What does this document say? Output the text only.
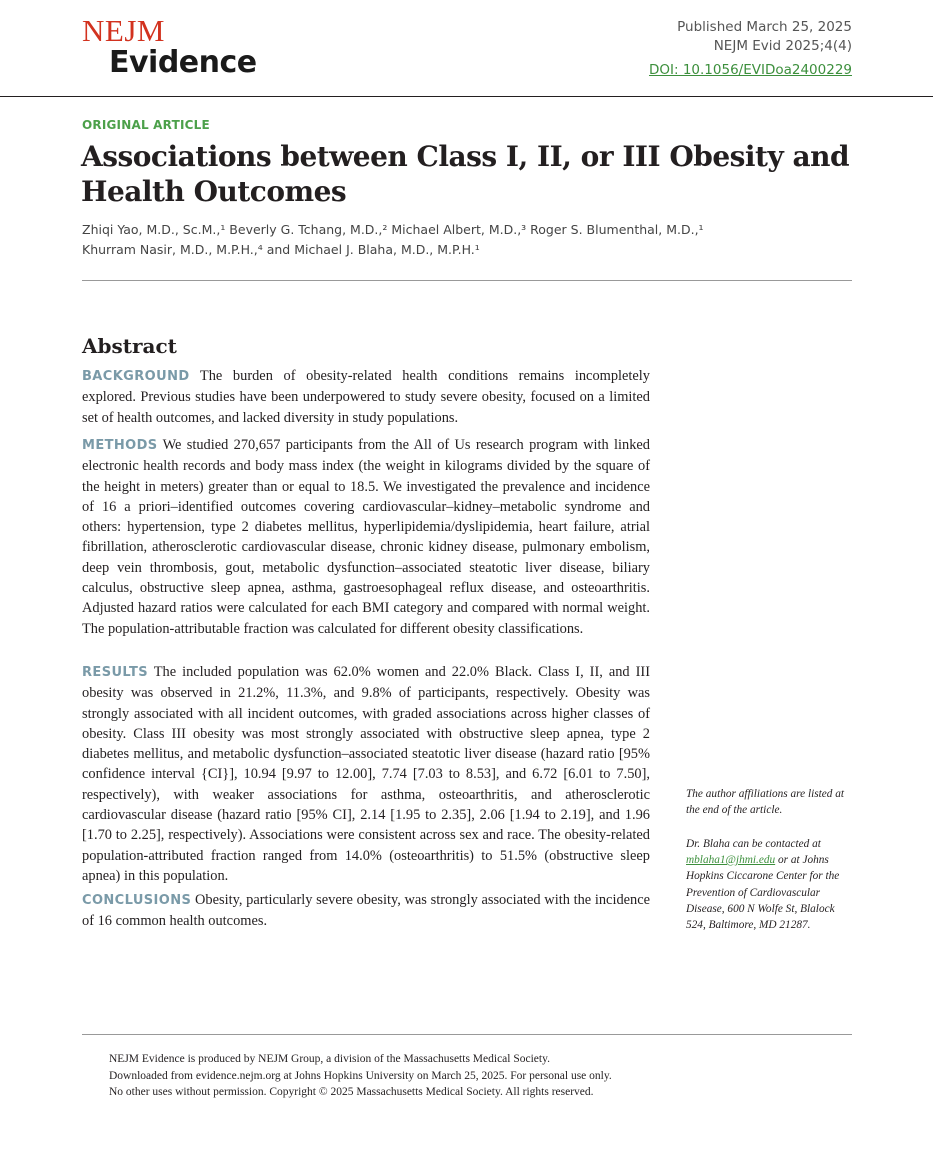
NEJM
Evidence
Published March 25, 2025
NEJM Evid 2025;4(4)
DOI: 10.1056/EVIDoa2400229
ORIGINAL ARTICLE
Associations between Class I, II, or III Obesity and Health Outcomes
Zhiqi Yao, M.D., Sc.M.,¹ Beverly G. Tchang, M.D.,² Michael Albert, M.D.,³ Roger S. Blumenthal, M.D.,¹
Khurram Nasir, M.D., M.P.H.,⁴ and Michael J. Blaha, M.D., M.P.H.¹
Abstract

BACKGROUND The burden of obesity-related health conditions remains incompletely explored. Previous studies have been underpowered to study severe obesity, focused on a limited set of health outcomes, and lacked diversity in study populations.

METHODS We studied 270,657 participants from the All of Us research program with linked electronic health records and body mass index (the weight in kilograms divided by the square of the height in meters) greater than or equal to 18.5. We investigated the prevalence and incidence of 16 a priori–identified outcomes covering cardiovascular–kidney–metabolic syndrome and others: hypertension, type 2 diabetes mellitus, hyperlipidemia/dyslipidemia, heart failure, atrial fibrillation, atherosclerotic cardiovascular disease, chronic kidney disease, pulmonary embolism, deep vein thrombosis, gout, metabolic dysfunction–associated steatotic liver disease, biliary calculus, obstructive sleep apnea, asthma, gastroesophageal reflux disease, and osteoarthritis. Adjusted hazard ratios were calculated for each BMI category and compared with normal weight. The population-attributable fraction was calculated for different obesity classifications.

RESULTS The included population was 62.0% women and 22.0% Black. Class I, II, and III obesity was observed in 21.2%, 11.3%, and 9.8% of participants, respectively. Obesity was strongly associated with all incident outcomes, with graded associations across higher classes of obesity. Class III obesity was most strongly associated with obstructive sleep apnea, type 2 diabetes mellitus, and metabolic dysfunction–associated steatotic liver disease (hazard ratio [95% confidence interval {CI}], 10.94 [9.97 to 12.00], 7.74 [7.03 to 8.53], and 6.72 [6.01 to 7.50], respectively), with weaker associations for asthma, osteoarthritis, and atherosclerotic cardiovascular disease (hazard ratio [95% CI], 2.14 [1.95 to 2.35], 2.06 [1.94 to 2.19], and 1.96 [1.70 to 2.25], respectively). Associations were consistent across sex and race. The obesity-related population-attributed fraction ranged from 14.0% (osteoarthritis) to 51.5% (obstructive sleep apnea) in this population.

CONCLUSIONS Obesity, particularly severe obesity, was strongly associated with the incidence of 16 common health outcomes.

The author affiliations are listed at the end of the article.

Dr. Blaha can be contacted at mblaha1@jhmi.edu or at Johns Hopkins Ciccarone Center for the Prevention of Cardiovascular Disease, 600 N Wolfe St, Blalock 524, Baltimore, MD 21287.

NEJM Evidence is produced by NEJM Group, a division of the Massachusetts Medical Society.
Downloaded from evidence.nejm.org at Johns Hopkins University on March 25, 2025. For personal use only.
No other uses without permission. Copyright © 2025 Massachusetts Medical Society. All rights reserved.
